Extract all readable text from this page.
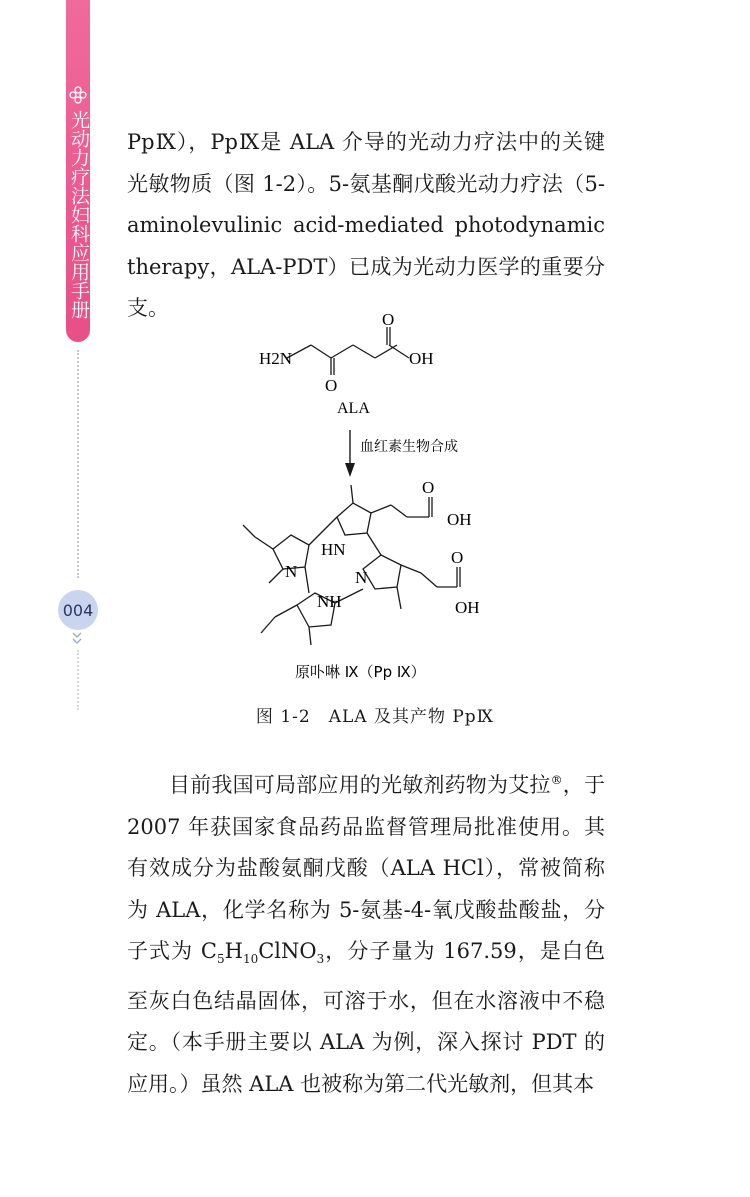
光动力疗法妇科应用手册
004
PpⅨ），PpⅨ是 ALA 介导的光动力疗法中的关键光敏物质（图 1-2）。5-氨基酮戊酸光动力疗法（5-aminolevulinic acid-mediated photodynamic therapy，ALA-PDT）已成为光动力医学的重要分支。
H2N
O
O
OH
ALA
血红素生物合成
O
OH
O
OH
HN
N	N
NH
原卟啉 Ⅸ（Pp Ⅸ）
图 1-2　ALA 及其产物 PpⅨ
目前我国可局部应用的光敏剂药物为艾拉®，于 2007 年获国家食品药品监督管理局批准使用。其有效成分为盐酸氨酮戊酸（ALA HCl），常被简称为 ALA，化学名称为 5-氨基-4-氧戊酸盐酸盐，分子式为 $C_5H_{10}ClNO_3$，分子量为 167.59，是白色至灰白色结晶固体，可溶于水，但在水溶液中不稳定。（本手册主要以 ALA 为例，深入探讨 PDT 的应用。）虽然 ALA 也被称为第二代光敏剂，但其本
